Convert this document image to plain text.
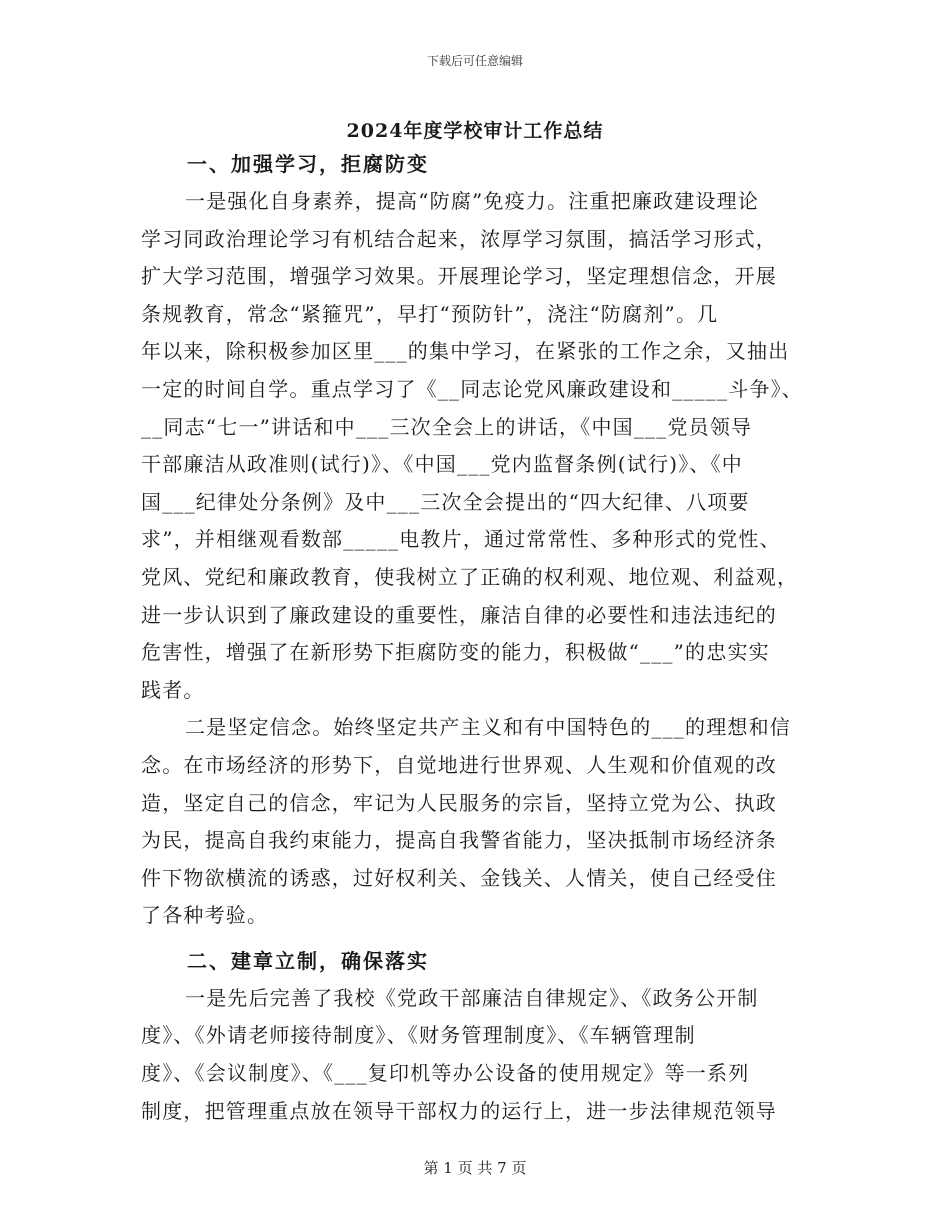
下载后可任意编辑
2024年度学校审计工作总结
一、加强学习，拒腐防变
一是强化自身素养，提高“防腐”免疫力。注重把廉政建设理论
学习同政治理论学习有机结合起来，浓厚学习氛围，搞活学习形式，
扩大学习范围，增强学习效果。开展理论学习，坚定理想信念，开展
条规教育，常念“紧箍咒”，早打“预防针”，浇注“防腐剂”。几
年以来，除积极参加区里___的集中学习，在紧张的工作之余，又抽出
一定的时间自学。重点学习了《__同志论党风廉政建设和_____斗争》、
__同志“七一”讲话和中___三次全会上的讲话，《中国___党员领导
干部廉洁从政准则(试行)》、《中国___党内监督条例(试行)》、《中
国___纪律处分条例》及中___三次全会提出的“四大纪律、八项要
求”，并相继观看数部_____电教片，通过常常性、多种形式的党性、
党风、党纪和廉政教育，使我树立了正确的权利观、地位观、利益观，
进一步认识到了廉政建设的重要性，廉洁自律的必要性和违法违纪的
危害性，增强了在新形势下拒腐防变的能力，积极做“___”的忠实实
践者。
二是坚定信念。始终坚定共产主义和有中国特色的___的理想和信
念。在市场经济的形势下，自觉地进行世界观、人生观和价值观的改
造，坚定自己的信念，牢记为人民服务的宗旨，坚持立党为公、执政
为民，提高自我约束能力，提高自我警省能力，坚决抵制市场经济条
件下物欲横流的诱惑，过好权利关、金钱关、人情关，使自己经受住
了各种考验。
二、建章立制，确保落实
一是先后完善了我校《党政干部廉洁自律规定》、《政务公开制
度》、《外请老师接待制度》、《财务管理制度》、《车辆管理制
度》、《会议制度》、《___复印机等办公设备的使用规定》等一系列
制度，把管理重点放在领导干部权力的运行上，进一步法律规范领导
第 1 页 共 7 页
